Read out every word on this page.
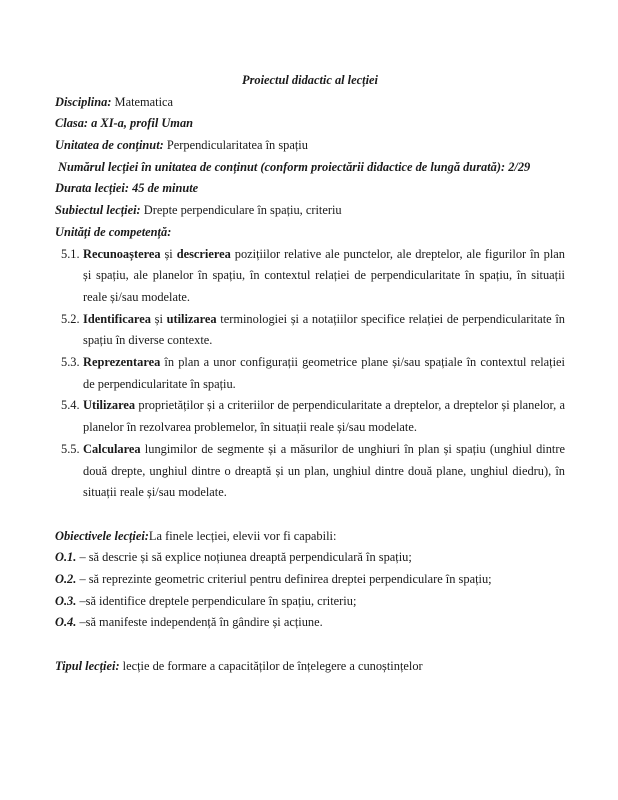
Proiectul didactic al lecției
Disciplina: Matematica
Clasa: a XI-a, profil Uman
Unitatea de conținut: Perpendicularitatea în spațiu
Numărul lecției în unitatea de conținut (conform proiectării didactice de lungă durată): 2/29
Durata lecției: 45 de minute
Subiectul lecției: Drepte perpendiculare în spațiu, criteriu
Unități de competență:
5.1. Recunoașterea și descrierea pozițiilor relative ale punctelor, ale dreptelor, ale figurilor în plan și spațiu, ale planelor în spațiu, în contextul relației de perpendicularitate în spațiu, în situații reale și/sau modelate.
5.2. Identificarea și utilizarea terminologiei și a notațiilor specifice relației de perpendicularitate în spațiu în diverse contexte.
5.3. Reprezentarea în plan a unor configurații geometrice plane și/sau spațiale în contextul relației de perpendicularitate în spațiu.
5.4. Utilizarea proprietăților și a criteriilor de perpendicularitate a dreptelor, a dreptelor și planelor, a planelor în rezolvarea problemelor, în situații reale și/sau modelate.
5.5. Calcularea lungimilor de segmente și a măsurilor de unghiuri în plan și spațiu (unghiul dintre două drepte, unghiul dintre o dreaptă și un plan, unghiul dintre două plane, unghiul diedru), în situații reale și/sau modelate.
Obiectivele lecției:La finele lecției, elevii vor fi capabili:
O.1. – să descrie și să explice noțiunea dreaptă perpendiculară în spațiu;
O.2. – să reprezinte geometric criteriul pentru definirea dreptei perpendiculare în spațiu;
O.3. –să identifice dreptele perpendiculare în spațiu, criteriu;
O.4. –să manifeste independență în gândire și acțiune.
Tipul lecției: lecție de formare a capacităților de înțelegere a cunoștințelor
